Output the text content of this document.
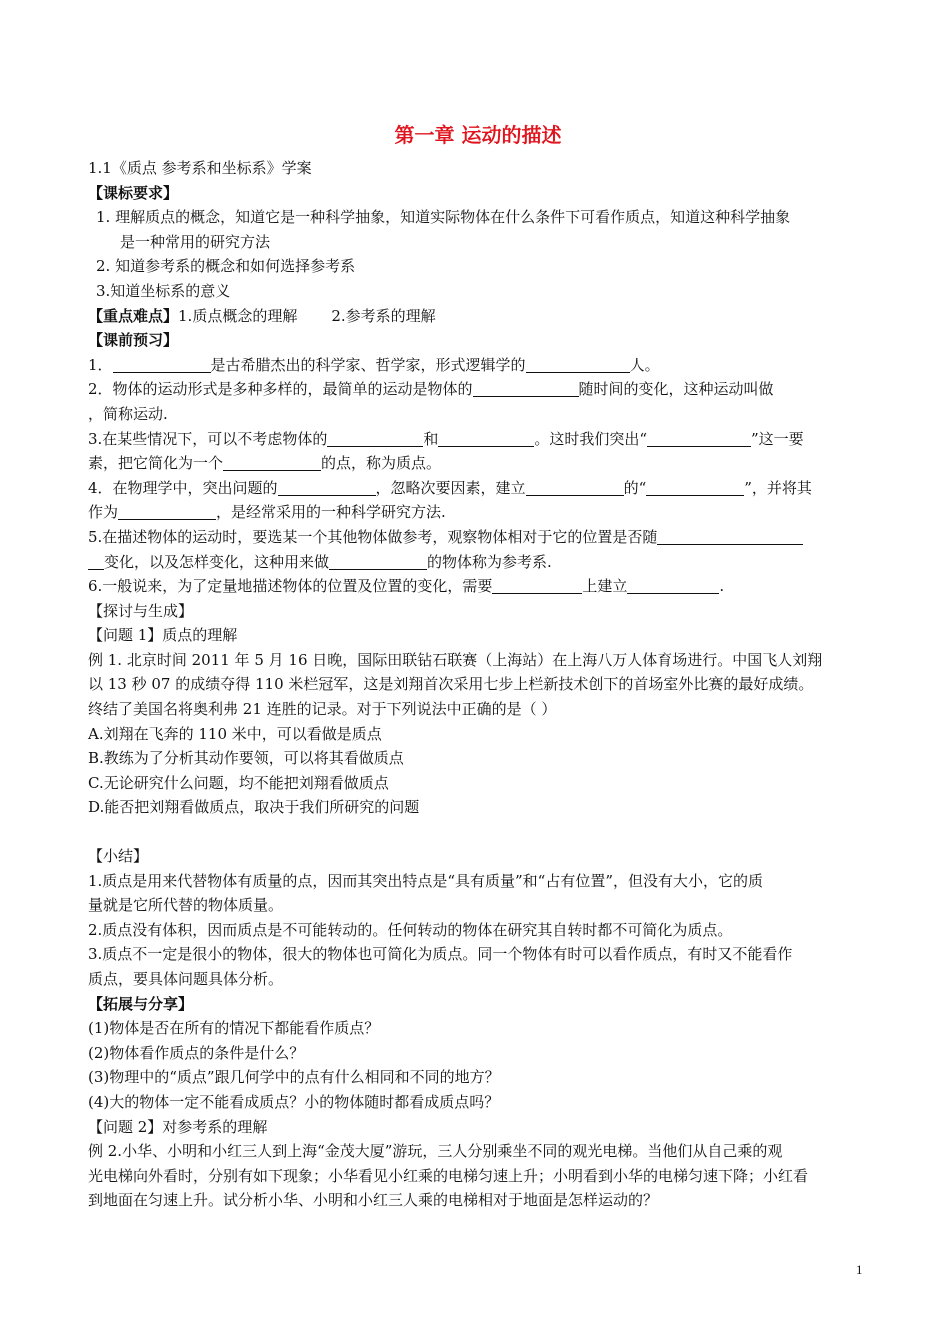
第一章 运动的描述
1.1《质点 参考系和坐标系》学案
【课标要求】
1. 理解质点的概念，知道它是一种科学抽象，知道实际物体在什么条件下可看作质点，知道这种科学抽象
是一种常用的研究方法
2. 知道参考系的概念和如何选择参考系
3.知道坐标系的意义
【重点难点】1.质点概念的理解 2.参考系的理解
【课前预习】
1．	是古希腊杰出的科学家、哲学家，形式逻辑学的	人。
2．物体的运动形式是多种多样的，最简单的运动是物体的	随时间的变化，这种运动叫做
，简称运动.
3.在某些情况下，可以不考虑物体的	和	。这时我们突出“	”这一要
素，把它简化为一个	的点，称为质点。
4．在物理学中，突出问题的	，忽略次要因素，建立	的“	”，并将其
作为	，是经常采用的一种科学研究方法.
5.在描述物体的运动时，要选某一个其他物体做参考，观察物体相对于它的位置是否随
变化，以及怎样变化，这种用来做	的物体称为参考系.
6.一般说来，为了定量地描述物体的位置及位置的变化，需要	上建立	.
【探讨与生成】
【问题 1】质点的理解
例 1. 北京时间 2011 年 5 月 16 日晚，国际田联钻石联赛（上海站）在上海八万人体育场进行。中国飞人刘翔
以 13 秒 07 的成绩夺得 110 米栏冠军，这是刘翔首次采用七步上栏新技术创下的首场室外比赛的最好成绩。
终结了美国名将奥利弗 21 连胜的记录。对于下列说法中正确的是（ ）
A.刘翔在飞奔的 110 米中，可以看做是质点
B.教练为了分析其动作要领，可以将其看做质点
C.无论研究什么问题，均不能把刘翔看做质点
D.能否把刘翔看做质点，取决于我们所研究的问题
【小结】
1.质点是用来代替物体有质量的点，因而其突出特点是“具有质量”和“占有位置”，但没有大小，它的质
量就是它所代替的物体质量。
2.质点没有体积，因而质点是不可能转动的。任何转动的物体在研究其自转时都不可简化为质点。
3.质点不一定是很小的物体，很大的物体也可简化为质点。同一个物体有时可以看作质点，有时又不能看作
质点，要具体问题具体分析。
【拓展与分享】
(1)物体是否在所有的情况下都能看作质点？
(2)物体看作质点的条件是什么？
(3)物理中的“质点”跟几何学中的点有什么相同和不同的地方？
(4)大的物体一定不能看成质点？小的物体随时都看成质点吗？
【问题 2】对参考系的理解
例 2.小华、小明和小红三人到上海“金茂大厦”游玩，三人分别乘坐不同的观光电梯。当他们从自己乘的观
光电梯向外看时，分别有如下现象；小华看见小红乘的电梯匀速上升；小明看到小华的电梯匀速下降；小红看
到地面在匀速上升。试分析小华、小明和小红三人乘的电梯相对于地面是怎样运动的？
1
